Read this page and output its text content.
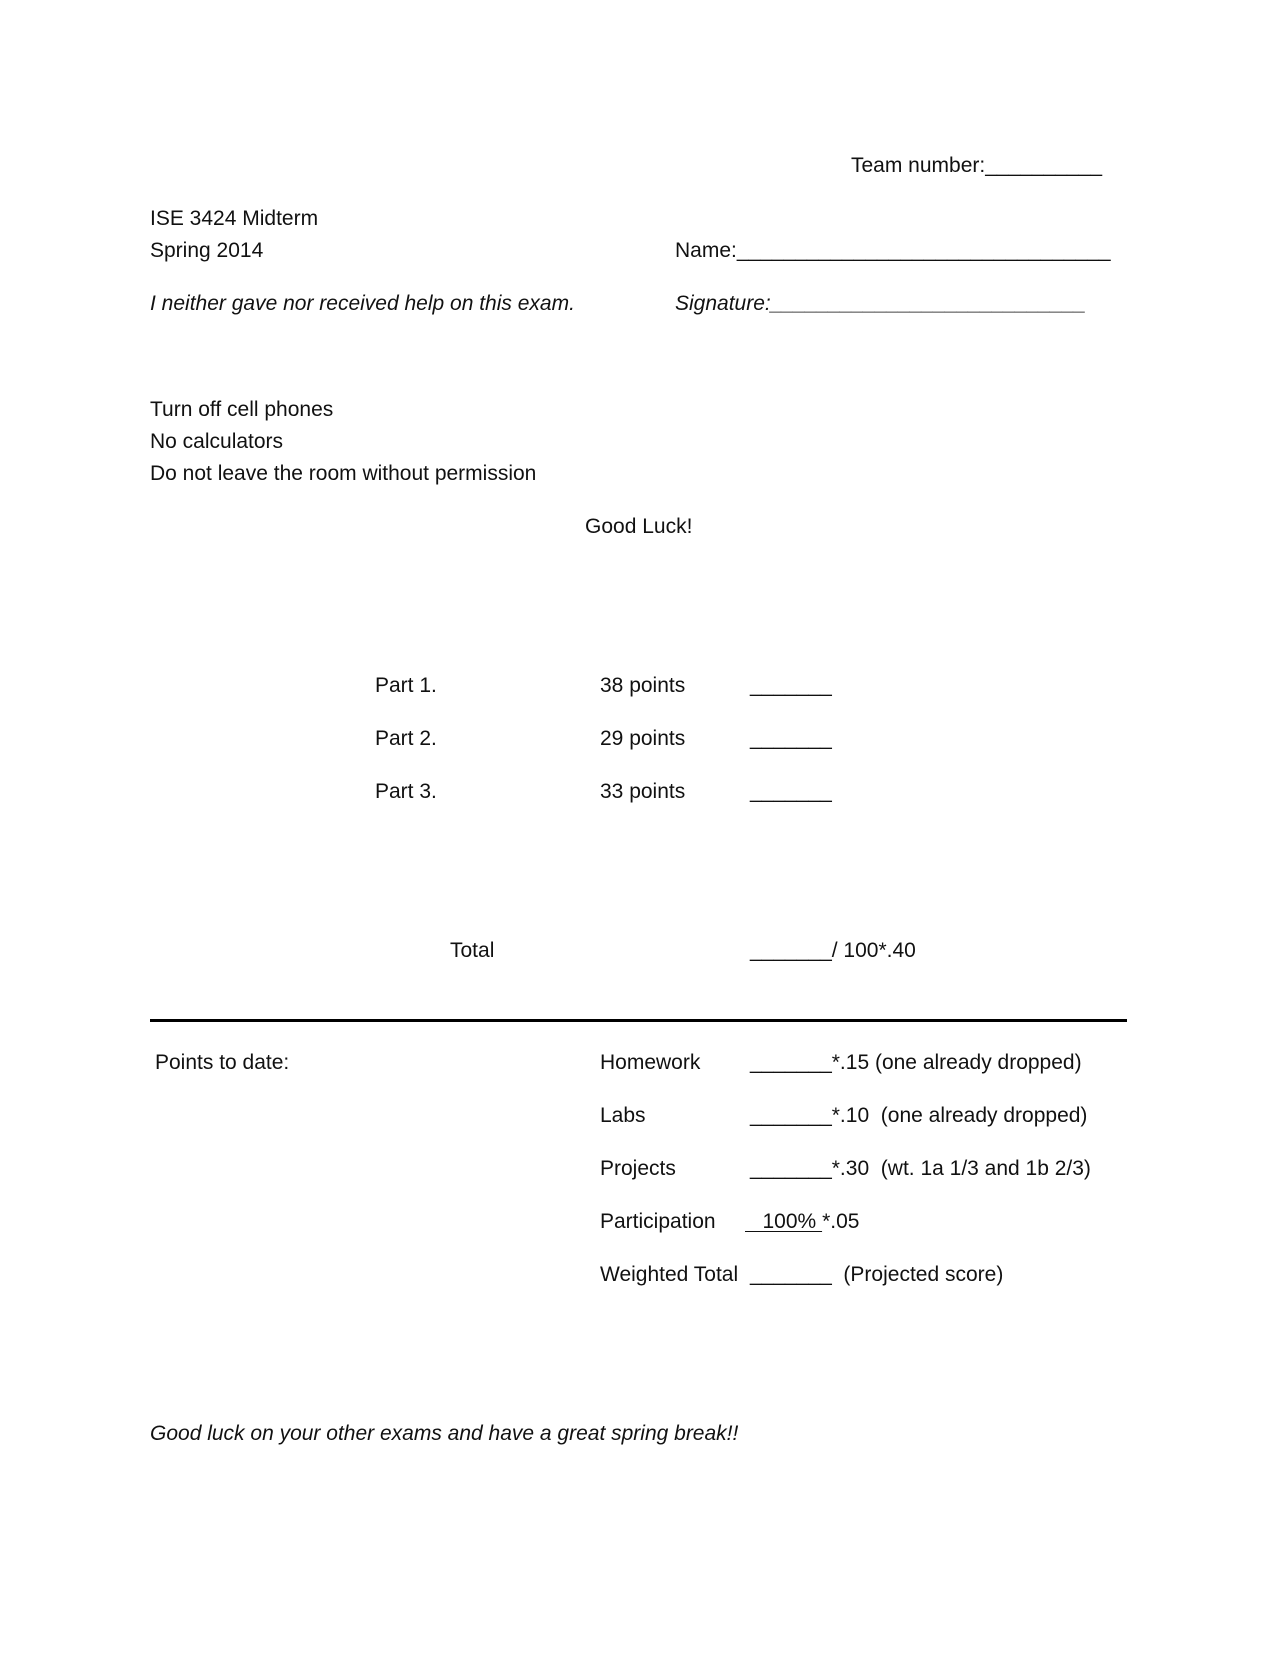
Team number:__________
ISE 3424 Midterm
Spring 2014	Name:________________________________
I neither gave nor received help on this exam.	Signature:___________________________
Turn off cell phones
No calculators
Do not leave the room without permission
Good Luck!
Part 1.	38 points	_______
Part 2.	29 points	_______
Part 3.	33 points	_______
Total	_______/ 100*.40
Points to date:	Homework _______*.15 (one already dropped)
Labs	_______*.10  (one already dropped)
Projects	_______*.30  (wt. 1a 1/3 and 1b 2/3)
Participation 100% *.05
Weighted Total _______  (Projected score)
Good luck on your other exams and have a great spring break!!
